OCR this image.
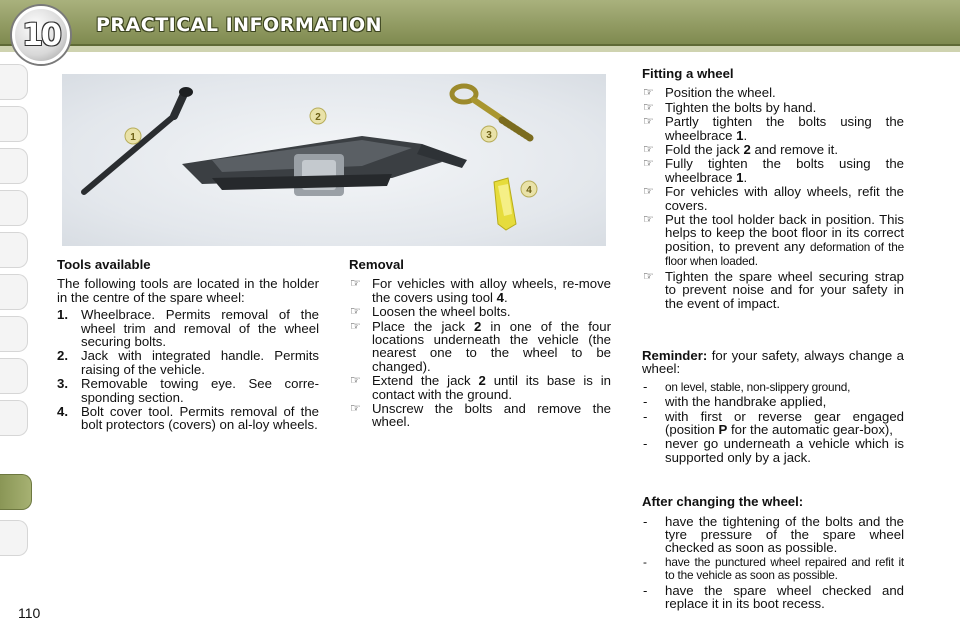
10 PRACTICAL INFORMATION
1
2
3
4
Tools available
The following tools are located in the holder in the centre of the spare wheel:
1. Wheelbrace. Permits removal of the wheel trim and removal of the wheel securing bolts.
2. Jack with integrated handle. Permits raising of the vehicle.
3. Removable towing eye. See corre-sponding section.
4. Bolt cover tool. Permits removal of the bolt protectors (covers) on al-loy wheels.
Removal
☞ For vehicles with alloy wheels, re-move the covers using tool 4.
☞ Loosen the wheel bolts.
☞ Place the jack 2 in one of the four locations underneath the vehicle (the nearest one to the wheel to be changed).
☞ Extend the jack 2 until its base is in contact with the ground.
☞ Unscrew the bolts and remove the wheel.
Fitting a wheel
☞ Position the wheel.
☞ Tighten the bolts by hand.
☞ Partly tighten the bolts using the wheelbrace 1.
☞ Fold the jack 2 and remove it.
☞ Fully tighten the bolts using the wheelbrace 1.
☞ For vehicles with alloy wheels, refit the covers.
☞ Put the tool holder back in position. This helps to keep the boot floor in its correct position, to prevent any deformation of the floor when loaded.
☞ Tighten the spare wheel securing strap to prevent noise and for your safety in the event of impact.
Reminder: for your safety, always change a wheel:
-	on level, stable, non-slippery ground,
-	with the handbrake applied,
-	with first or reverse gear engaged (position P for the automatic gear-box),
-	never go underneath a vehicle which is supported only by a jack.
After changing the wheel:
-	have the tightening of the bolts and the tyre pressure of the spare wheel checked as soon as possible.
-	have the punctured wheel repaired and refit it to the vehicle as soon as possible.
-	have the spare wheel checked and replace it in its boot recess.
110
